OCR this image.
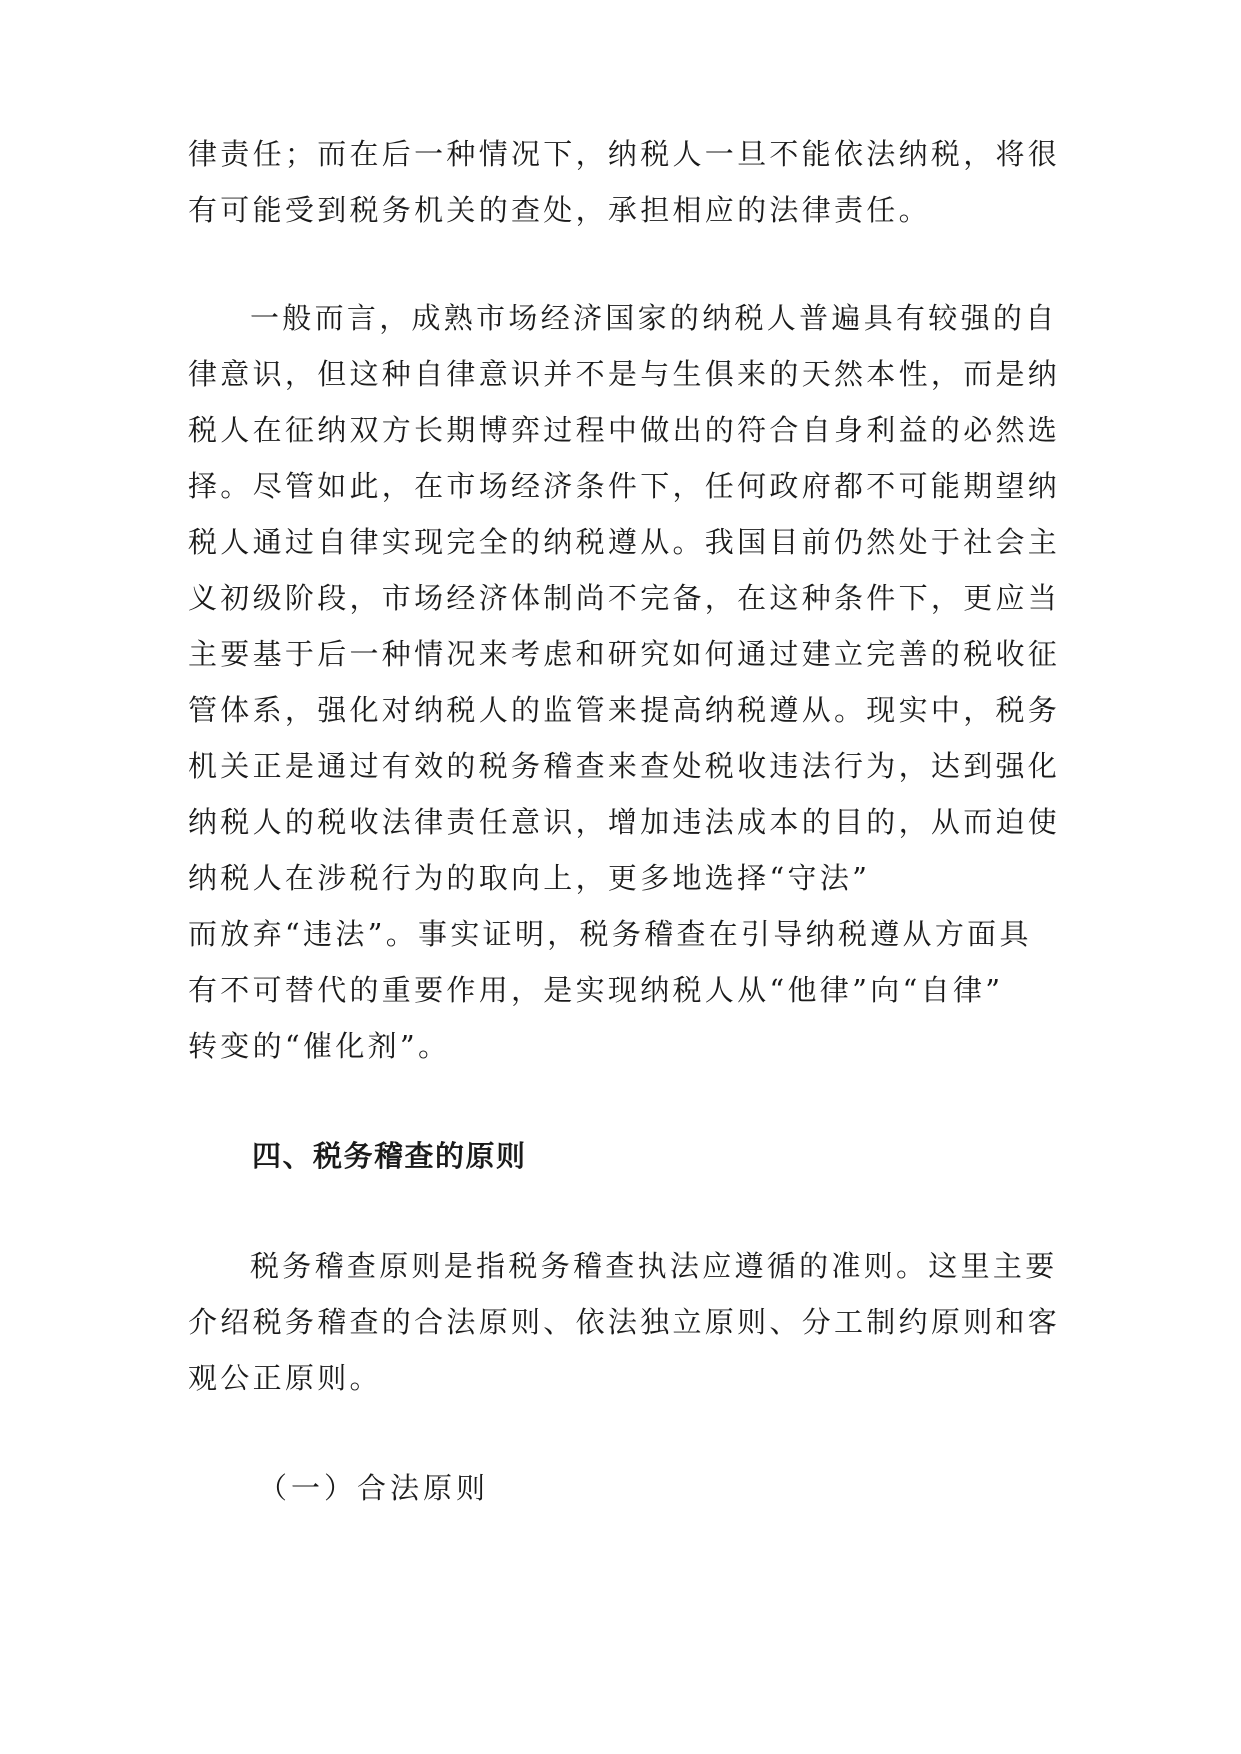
律责任；而在后一种情况下，纳税人一旦不能依法纳税，将很
有可能受到税务机关的查处，承担相应的法律责任。
一般而言，成熟市场经济国家的纳税人普遍具有较强的自
律意识，但这种自律意识并不是与生俱来的天然本性，而是纳
税人在征纳双方长期博弈过程中做出的符合自身利益的必然选
择。尽管如此，在市场经济条件下，任何政府都不可能期望纳
税人通过自律实现完全的纳税遵从。我国目前仍然处于社会主
义初级阶段，市场经济体制尚不完备，在这种条件下，更应当
主要基于后一种情况来考虑和研究如何通过建立完善的税收征
管体系，强化对纳税人的监管来提高纳税遵从。现实中，税务
机关正是通过有效的税务稽查来查处税收违法行为，达到强化
纳税人的税收法律责任意识，增加违法成本的目的，从而迫使
纳税人在涉税行为的取向上，更多地选择“守法”
而放弃“违法”。事实证明，税务稽查在引导纳税遵从方面具
有不可替代的重要作用，是实现纳税人从“他律”向“自律”
转变的“催化剂”。
四、税务稽查的原则
税务稽查原则是指税务稽查执法应遵循的准则。这里主要
介绍税务稽查的合法原则、依法独立原则、分工制约原则和客
观公正原则。
（一）合法原则
